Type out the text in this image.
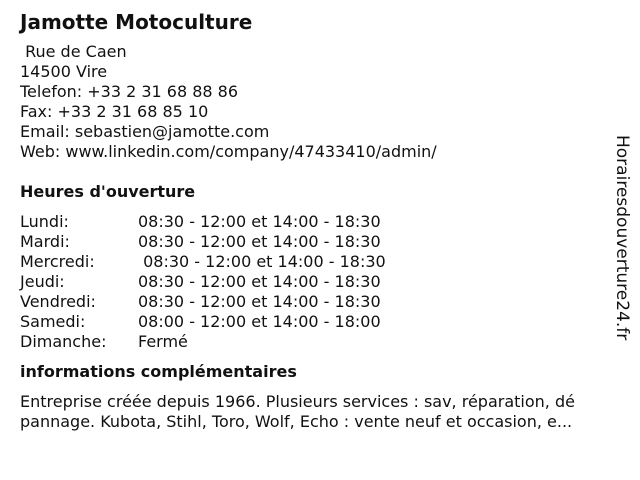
Jamotte Motoculture
Rue de Caen
14500 Vire
Telefon: +33 2 31 68 88 86
Fax: +33 2 31 68 85 10
Email: sebastien@jamotte.com
Web: www.linkedin.com/company/47433410/admin/
Heures d'ouverture
Lundi:	08:30 - 12:00 et 14:00 - 18:30
Mardi:	08:30 - 12:00 et 14:00 - 18:30
Mercredi:	08:30 - 12:00 et 14:00 - 18:30
Jeudi:	08:30 - 12:00 et 14:00 - 18:30
Vendredi:	08:30 - 12:00 et 14:00 - 18:30
Samedi:	08:00 - 12:00 et 14:00 - 18:00
Dimanche:	Fermé
informations complémentaires
Entreprise créée depuis 1966. Plusieurs services : sav, réparation, dé
pannage. Kubota, Stihl, Toro, Wolf, Echo : vente neuf et occasion, e...
Horairesdouverture24.fr
